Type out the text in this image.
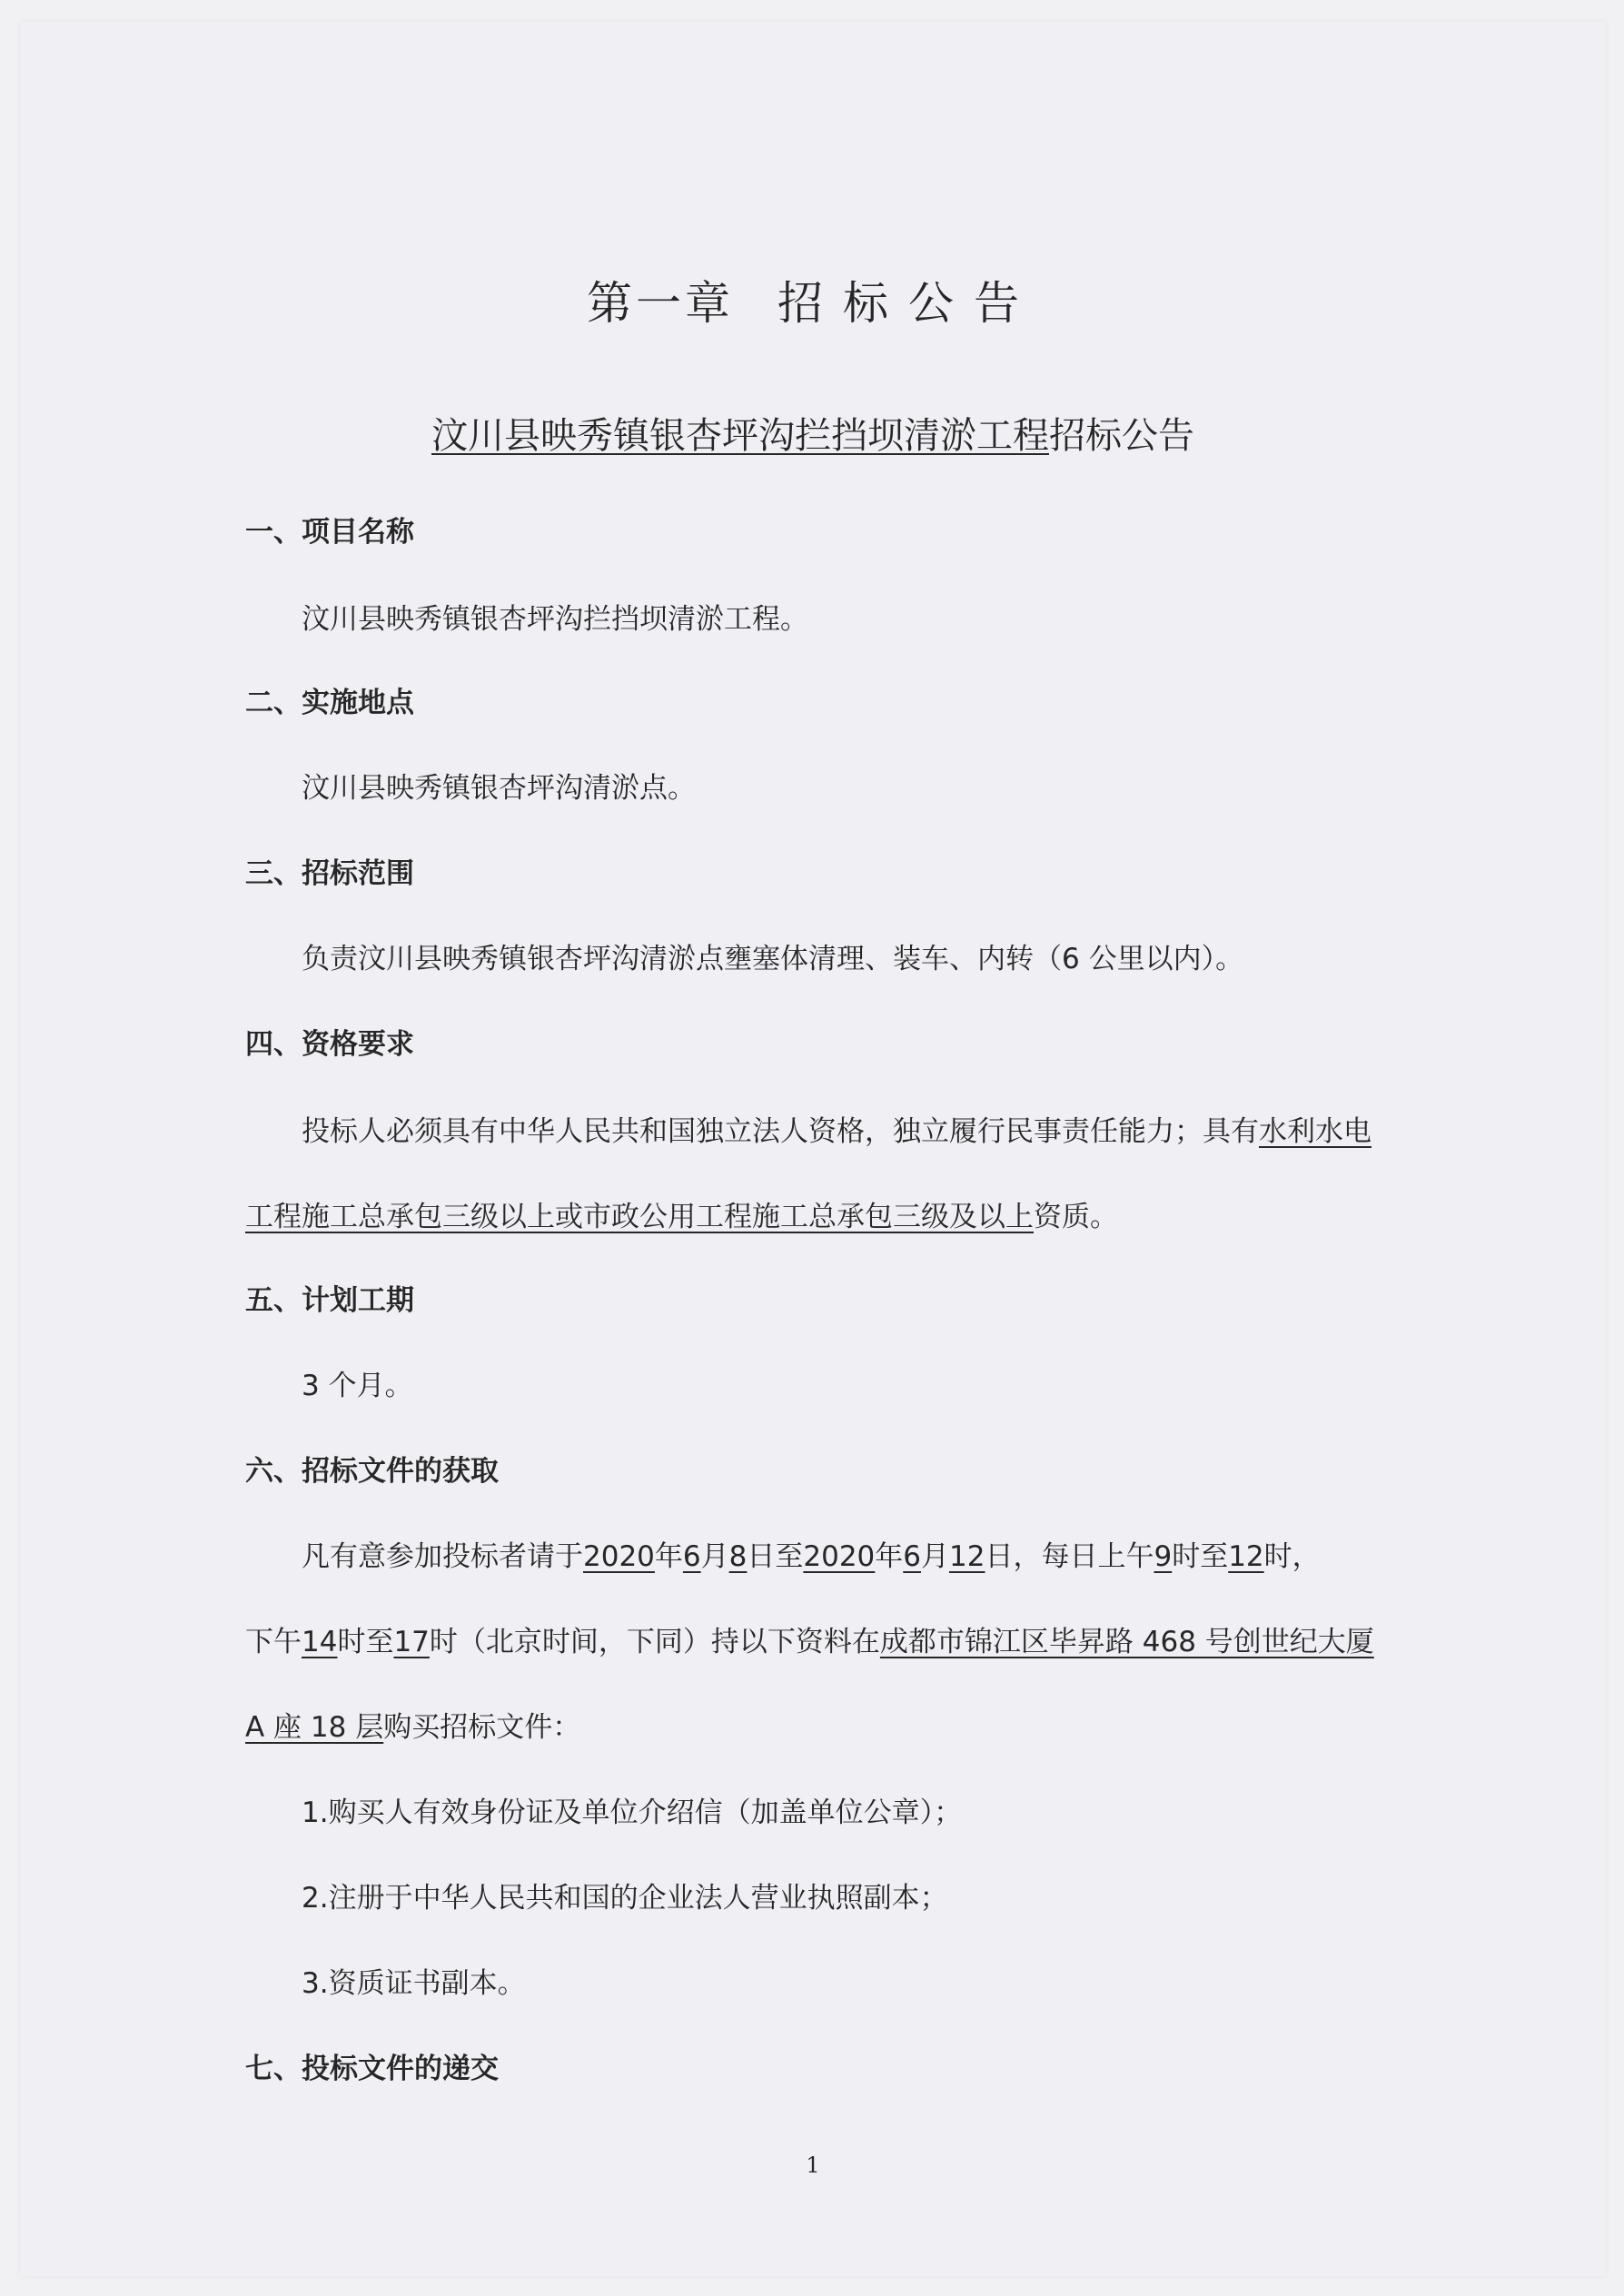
第一章 招标公告
汶川县映秀镇银杏坪沟拦挡坝清淤工程招标公告
一、项目名称
汶川县映秀镇银杏坪沟拦挡坝清淤工程。
二、实施地点
汶川县映秀镇银杏坪沟清淤点。
三、招标范围
负责汶川县映秀镇银杏坪沟清淤点壅塞体清理、装车、内转（6 公里以内）。
四、资格要求
投标人必须具有中华人民共和国独立法人资格，独立履行民事责任能力；具有水利水电
工程施工总承包三级以上或市政公用工程施工总承包三级及以上资质。
五、计划工期
3 个月。
六、招标文件的获取
凡有意参加投标者请于2020年6月8日至2020年6月12日，每日上午9时至12时，
下午14时至17时（北京时间，下同）持以下资料在成都市锦江区毕昇路 468 号创世纪大厦
A 座 18 层购买招标文件：
1.购买人有效身份证及单位介绍信（加盖单位公章）；
2.注册于中华人民共和国的企业法人营业执照副本；
3.资质证书副本。
七、投标文件的递交
1
